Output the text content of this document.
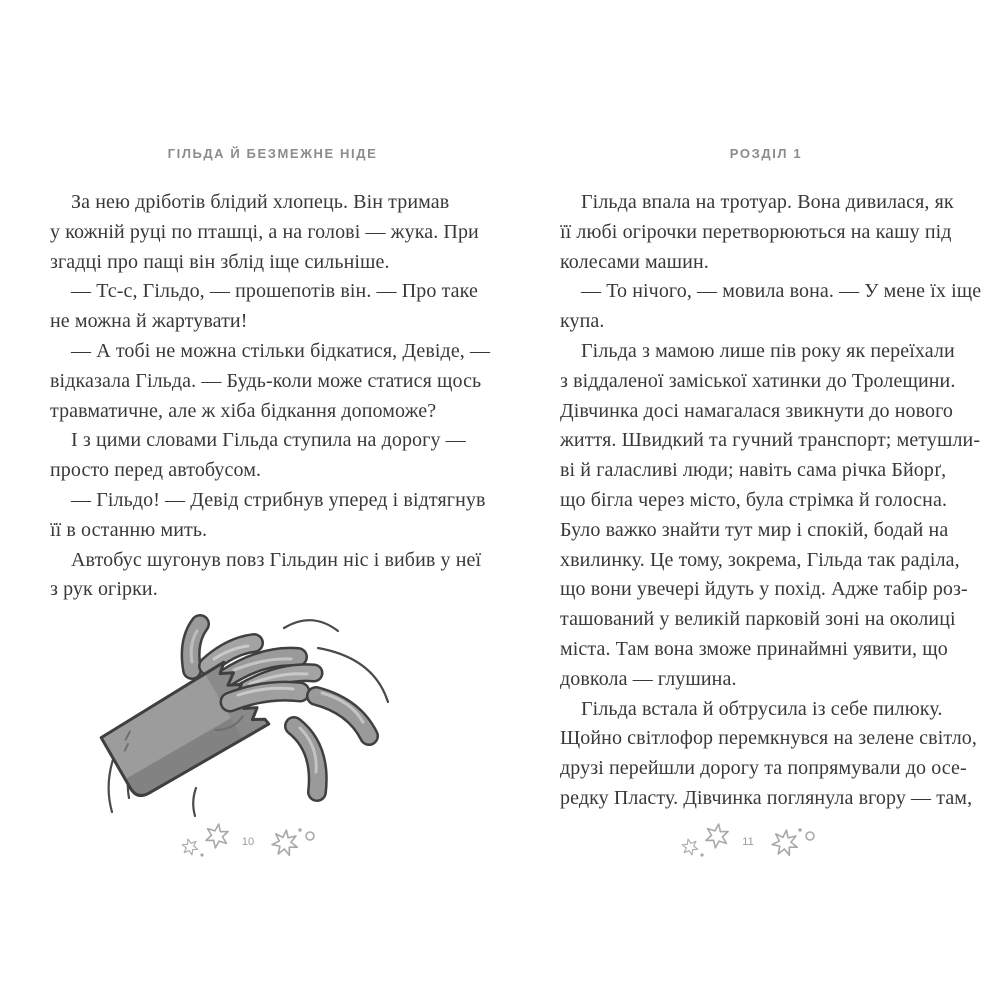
ГІЛЬДА Й БЕЗМЕЖНЕ НІДЕ
За нею дріботів блідий хлопець. Він тримав
у кожній руці по пташці, а на голові — жука. При
згадці про пащі він зблід іще сильніше.
— Тс-с, Гільдо, — прошепотів він. — Про таке
не можна й жартувати!
— А тобі не можна стільки бідкатися, Девіде, —
відказала Гільда. — Будь-коли може статися щось
травматичне, але ж хіба бідкання допоможе?
І з цими словами Гільда ступила на дорогу —
просто перед автобусом.
— Гільдо! — Девід стрибнув уперед і відтягнув
її в останню мить.
Автобус шугонув повз Гільдин ніс і вибив у неї
з рук огірки.
РОЗДІЛ 1
Гільда впала на тротуар. Вона дивилася, як
її любі огірочки перетворюються на кашу під
колесами машин.
— То нічого, — мовила вона. — У мене їх іще
купа.
Гільда з мамою лише пів року як переїхали
з віддаленої заміської хатинки до Тролещини.
Дівчинка досі намагалася звикнути до нового
життя. Швидкий та гучний транспорт; метушли-
ві й галасливі люди; навіть сама річка Бйорґ,
що бігла через місто, була стрімка й голосна.
Було важко знайти тут мир і спокій, бодай на
хвилинку. Це тому, зокрема, Гільда так раділа,
що вони увечері йдуть у похід. Адже табір роз-
ташований у великій парковій зоні на околиці
міста. Там вона зможе принаймні уявити, що
довкола — глушина.
Гільда встала й обтрусила із себе пилюку.
Щойно світлофор перемкнувся на зелене світло,
друзі перейшли дорогу та попрямували до осе-
редку Пласту. Дівчинка поглянула вгору — там,
10	11
